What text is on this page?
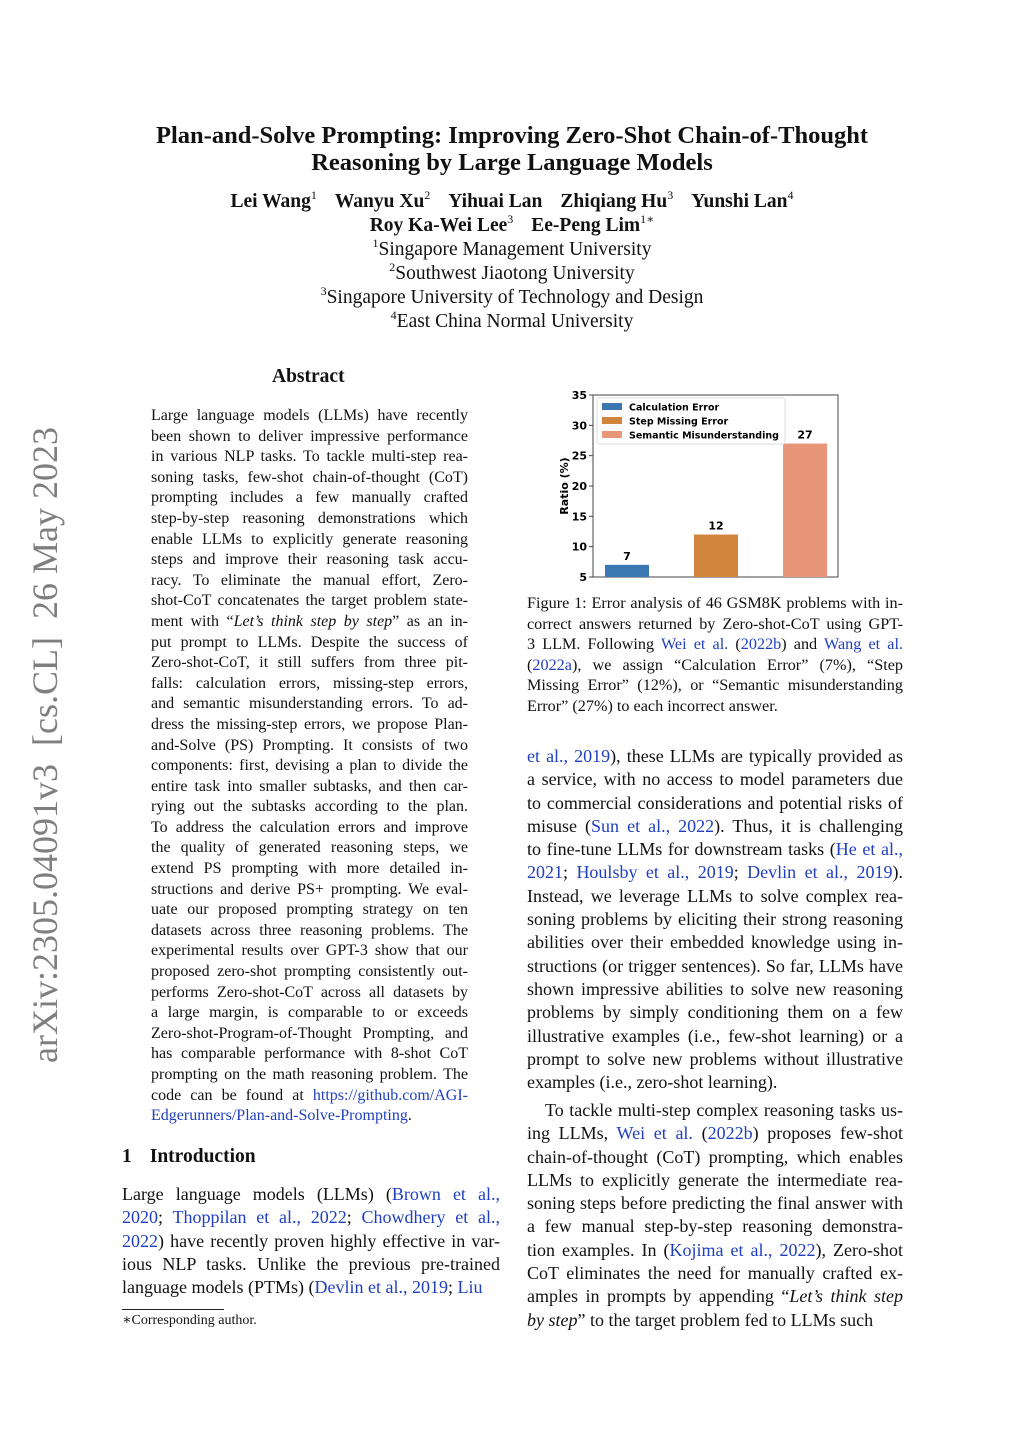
Plan-and-Solve Prompting: Improving Zero-Shot Chain-of-Thought
Reasoning by Large Language Models
Lei Wang$^1$ Wanyu Xu$^2$ Yihuai Lan Zhiqiang Hu$^3$ Yunshi Lan$^4$
Roy Ka-Wei Lee$^3$ Ee-Peng Lim$^{1∗}$
$^1$Singapore Management University
$^2$Southwest Jiaotong University
$^3$Singapore University of Technology and Design
$^4$East China Normal University
arXiv:2305.04091v3  [cs.CL]  26 May 2023
Abstract
Large language models (LLMs) have recently
been shown to deliver impressive performance
in various NLP tasks. To tackle multi-step rea-
soning tasks, few-shot chain-of-thought (CoT)
prompting includes a few manually crafted
step-by-step reasoning demonstrations which
enable LLMs to explicitly generate reasoning
steps and improve their reasoning task accu-
racy. To eliminate the manual effort, Zero-
shot-CoT concatenates the target problem state-
ment with “Let’s think step by step” as an in-
put prompt to LLMs. Despite the success of
Zero-shot-CoT, it still suffers from three pit-
falls: calculation errors, missing-step errors,
and semantic misunderstanding errors. To ad-
dress the missing-step errors, we propose Plan-
and-Solve (PS) Prompting. It consists of two
components: first, devising a plan to divide the
entire task into smaller subtasks, and then car-
rying out the subtasks according to the plan.
To address the calculation errors and improve
the quality of generated reasoning steps, we
extend PS prompting with more detailed in-
structions and derive PS+ prompting. We eval-
uate our proposed prompting strategy on ten
datasets across three reasoning problems. The
experimental results over GPT-3 show that our
proposed zero-shot prompting consistently out-
performs Zero-shot-CoT across all datasets by
a large margin, is comparable to or exceeds
Zero-shot-Program-of-Thought Prompting, and
has comparable performance with 8-shot CoT
prompting on the math reasoning problem. The
code can be found at https://github.com/AGI-
Edgerunners/Plan-and-Solve-Prompting.
1 Introduction
Large language models (LLMs) (Brown et al.,
2020; Thoppilan et al., 2022; Chowdhery et al.,
2022) have recently proven highly effective in var-
ious NLP tasks. Unlike the previous pre-trained
language models (PTMs) (Devlin et al., 2019; Liu
∗Corresponding author.
5
10
15
20
25
30
35
Ratio (%)
7
12
27
Calculation Error
Step Missing Error
Semantic Misunderstanding
Figure 1: Error analysis of 46 GSM8K problems with in-
correct answers returned by Zero-shot-CoT using GPT-
3 LLM. Following Wei et al. (2022b) and Wang et al.
(2022a), we assign “Calculation Error” (7%), “Step
Missing Error” (12%), or “Semantic misunderstanding
Error” (27%) to each incorrect answer.
et al., 2019), these LLMs are typically provided as
a service, with no access to model parameters due
to commercial considerations and potential risks of
misuse (Sun et al., 2022). Thus, it is challenging
to fine-tune LLMs for downstream tasks (He et al.,
2021; Houlsby et al., 2019; Devlin et al., 2019).
Instead, we leverage LLMs to solve complex rea-
soning problems by eliciting their strong reasoning
abilities over their embedded knowledge using in-
structions (or trigger sentences). So far, LLMs have
shown impressive abilities to solve new reasoning
problems by simply conditioning them on a few
illustrative examples (i.e., few-shot learning) or a
prompt to solve new problems without illustrative
examples (i.e., zero-shot learning).
To tackle multi-step complex reasoning tasks us-
ing LLMs, Wei et al. (2022b) proposes few-shot
chain-of-thought (CoT) prompting, which enables
LLMs to explicitly generate the intermediate rea-
soning steps before predicting the final answer with
a few manual step-by-step reasoning demonstra-
tion examples. In (Kojima et al., 2022), Zero-shot
CoT eliminates the need for manually crafted ex-
amples in prompts by appending “Let’s think step
by step” to the target problem fed to LLMs such
